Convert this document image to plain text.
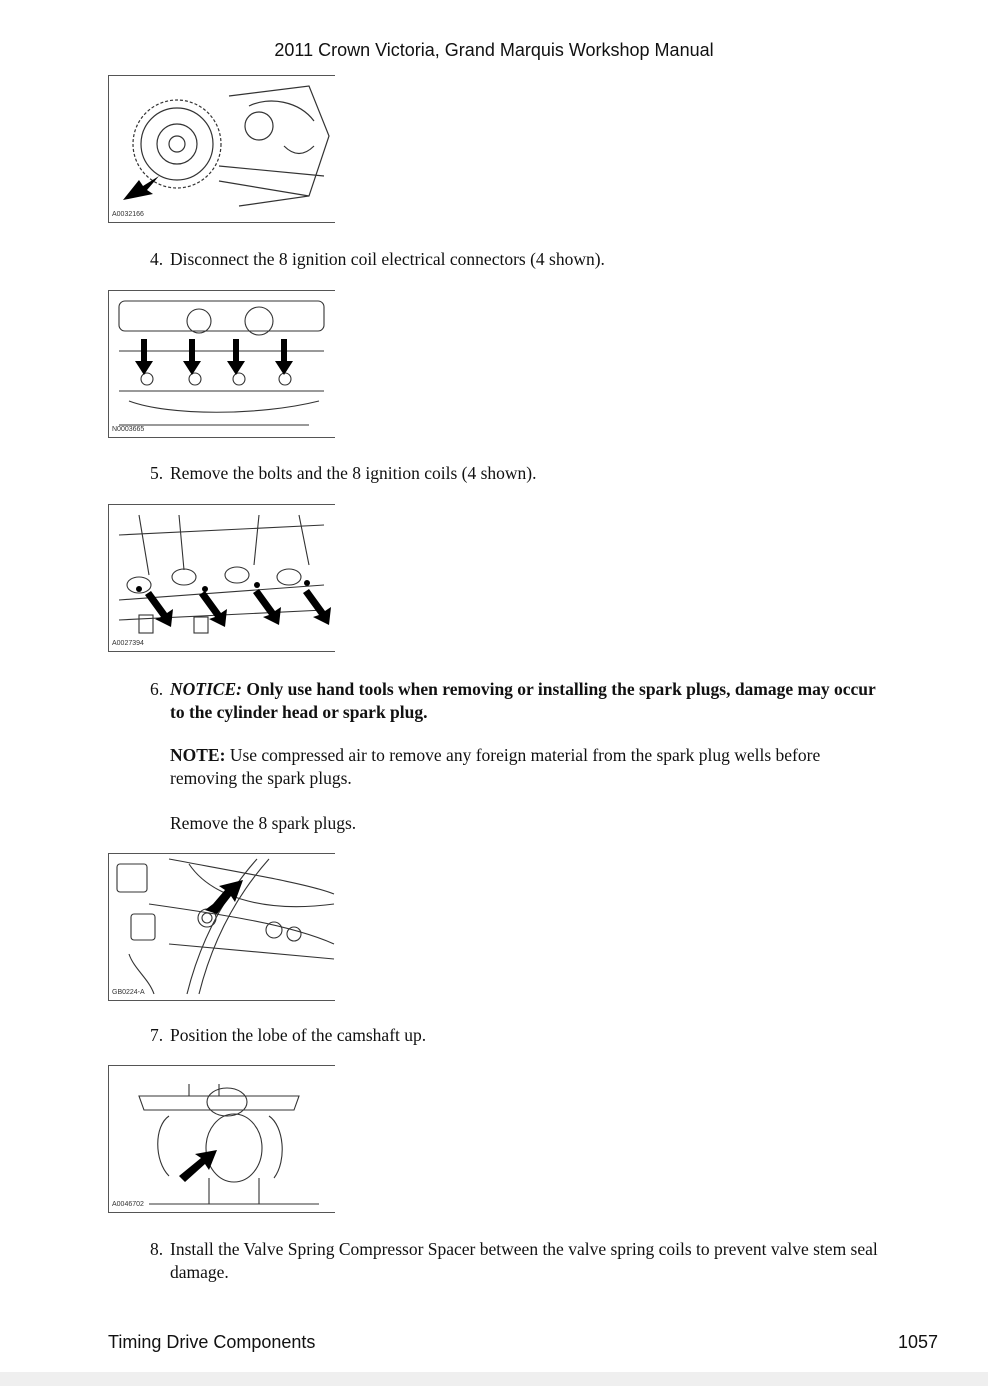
2011 Crown Victoria, Grand Marquis Workshop Manual
A0032166
4. Disconnect the 8 ignition coil electrical connectors (4 shown).
N0003665
5. Remove the bolts and the 8 ignition coils (4 shown).
A0027394
6. NOTICE: Only use hand tools when removing or installing the spark plugs, damage may occur
to the cylinder head or spark plug.
NOTE: Use compressed air to remove any foreign material from the spark plug wells before
removing the spark plugs.
Remove the 8 spark plugs.
GB0224-A
7. Position the lobe of the camshaft up.
A0046702
8. Install the Valve Spring Compressor Spacer between the valve spring coils to prevent valve stem seal
damage.
Timing Drive Components	1057
